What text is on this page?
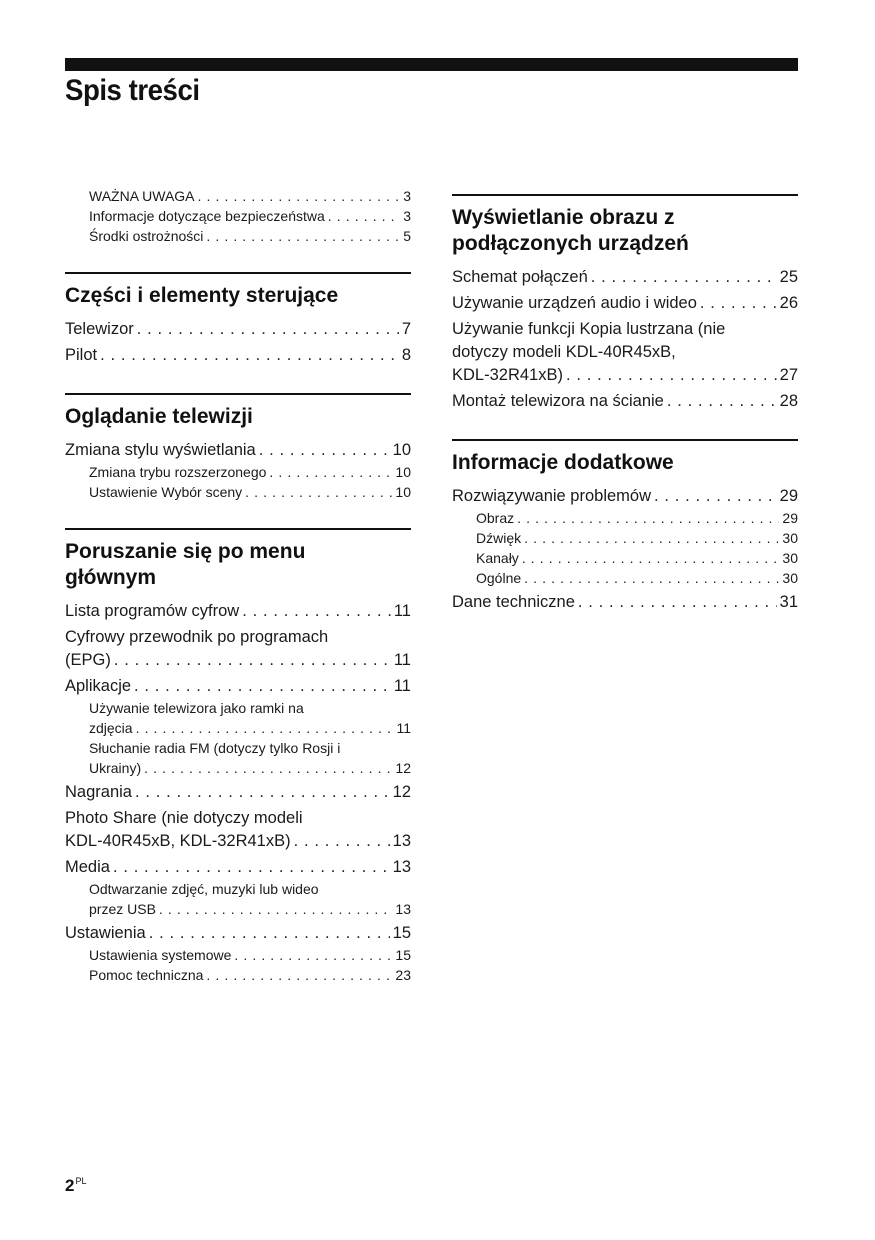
Spis treści
WAŻNA UWAGA . . .	3
Informacje dotyczące bezpieczeństwa . . .	3
Środki ostrożności . . .	5
Części i elementy sterujące
Telewizor . . .	7
Pilot . . .	8
Oglądanie telewizji
Zmiana stylu wyświetlania . . .	10
Zmiana trybu rozszerzonego . . .	10
Ustawienie Wybór sceny . . .	10
Poruszanie się po menu głównym
Lista programów cyfrow . . .	11
Cyfrowy przewodnik po programach
(EPG) . . .	11
Aplikacje . . .	11
Używanie telewizora jako ramki na
zdjęcia . . .	11
Słuchanie radia FM (dotyczy tylko Rosji i
Ukrainy) . . .	12
Nagrania . . .	12
Photo Share (nie dotyczy modeli
KDL-40R45xB, KDL-32R41xB) . . .	13
Media . . .	13
Odtwarzanie zdjęć, muzyki lub wideo
przez USB . . .	13
Ustawienia . . .	15
Ustawienia systemowe . . .	15
Pomoc techniczna . . .	23
Wyświetlanie obrazu z
podłączonych urządzeń
Schemat połączeń . . .	25
Używanie urządzeń audio i wideo . . .	26
Używanie funkcji Kopia lustrzana (nie
dotyczy modeli KDL-40R45xB,
KDL-32R41xB) . . .	27
Montaż telewizora na ścianie . . .	28
Informacje dodatkowe
Rozwiązywanie problemów . . .	29
Obraz . . .	29
Dźwięk . . .	30
Kanały . . .	30
Ogólne . . .	30
Dane techniczne . . .	31
$2^{PL}$
